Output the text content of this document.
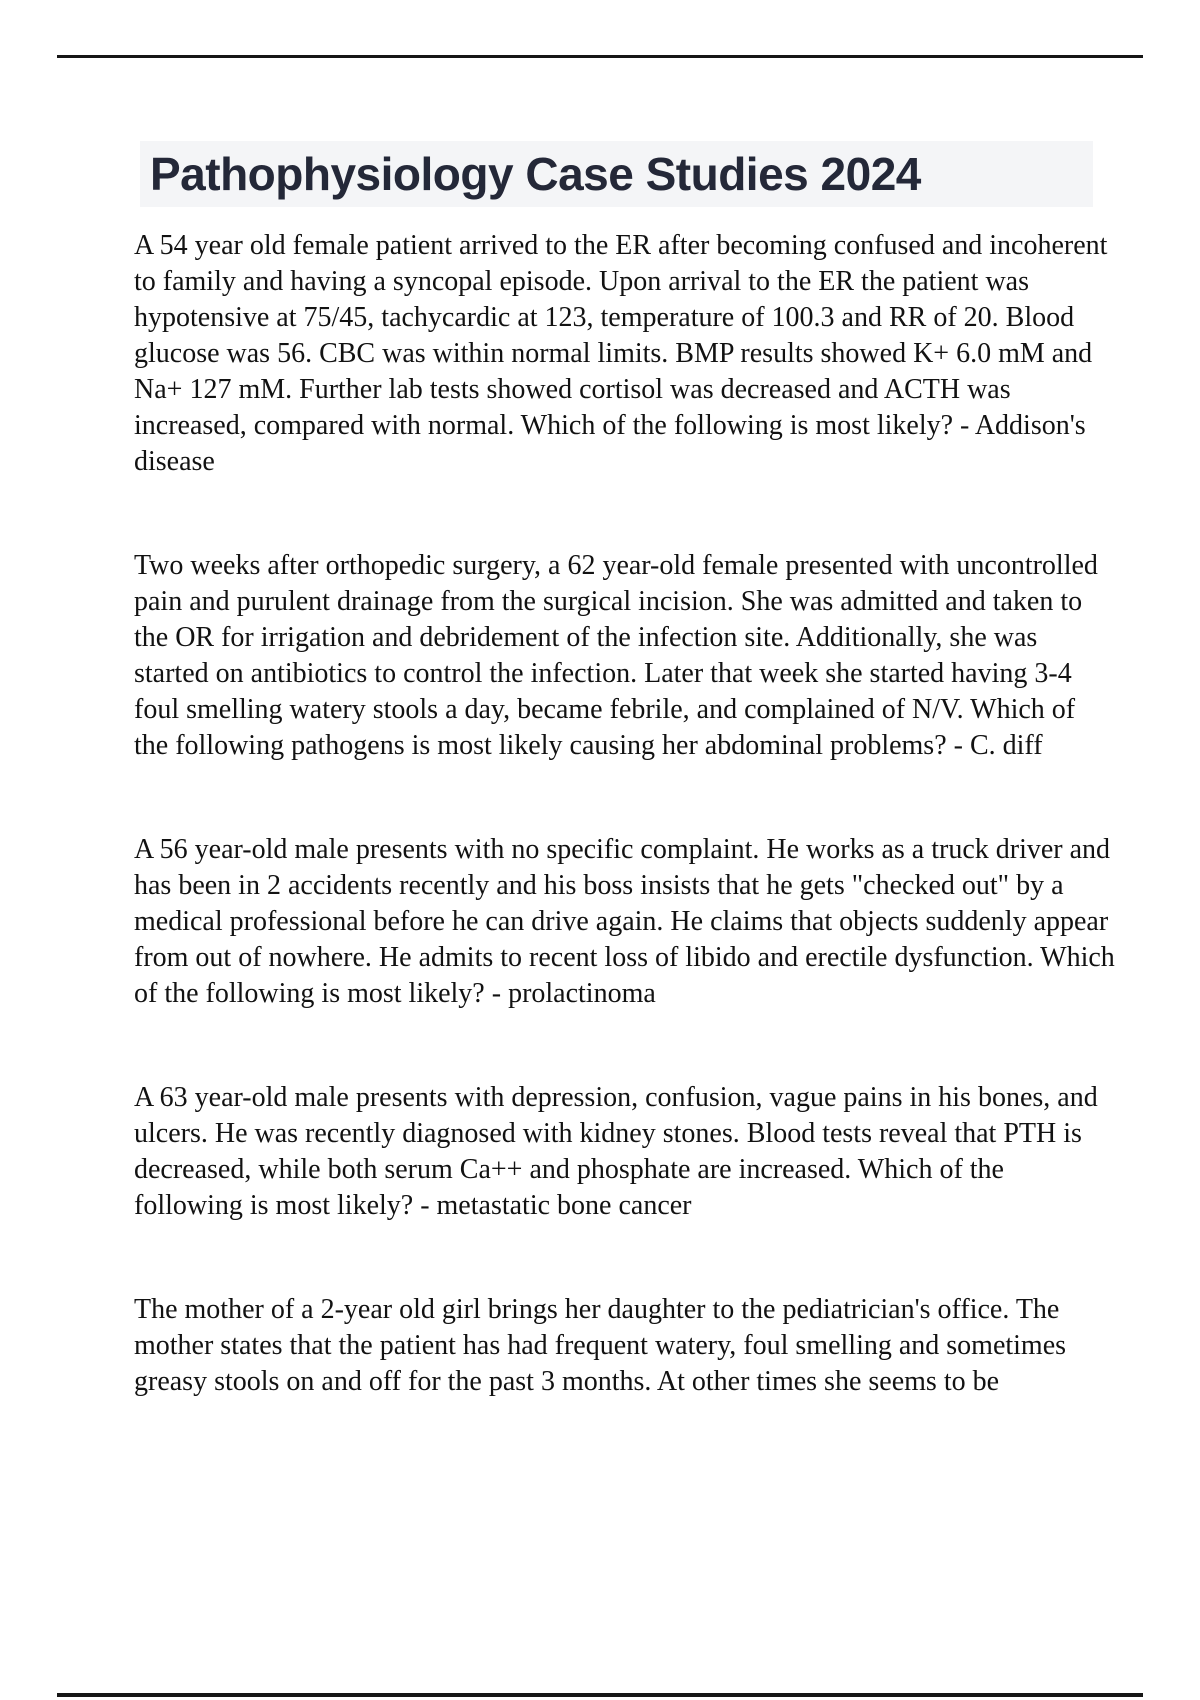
Pathophysiology Case Studies 2024

A 54 year old female patient arrived to the ER after becoming confused and incoherent to family and having a syncopal episode. Upon arrival to the ER the patient was hypotensive at 75/45, tachycardic at 123, temperature of 100.3 and RR of 20. Blood glucose was 56. CBC was within normal limits. BMP results showed K+ 6.0 mM and Na+ 127 mM. Further lab tests showed cortisol was decreased and ACTH was increased, compared with normal. Which of the following is most likely? - Addison's disease

Two weeks after orthopedic surgery, a 62 year-old female presented with uncontrolled pain and purulent drainage from the surgical incision. She was admitted and taken to the OR for irrigation and debridement of the infection site. Additionally, she was started on antibiotics to control the infection. Later that week she started having 3-4 foul smelling watery stools a day, became febrile, and complained of N/V. Which of the following pathogens is most likely causing her abdominal problems? - C. diff

A 56 year-old male presents with no specific complaint. He works as a truck driver and has been in 2 accidents recently and his boss insists that he gets "checked out" by a medical professional before he can drive again. He claims that objects suddenly appear from out of nowhere. He admits to recent loss of libido and erectile dysfunction. Which of the following is most likely? - prolactinoma

A 63 year-old male presents with depression, confusion, vague pains in his bones, and ulcers. He was recently diagnosed with kidney stones. Blood tests reveal that PTH is decreased, while both serum Ca++ and phosphate are increased. Which of the following is most likely? - metastatic bone cancer

The mother of a 2-year old girl brings her daughter to the pediatrician's office. The mother states that the patient has had frequent watery, foul smelling and sometimes greasy stools on and off for the past 3 months. At other times she seems to be
